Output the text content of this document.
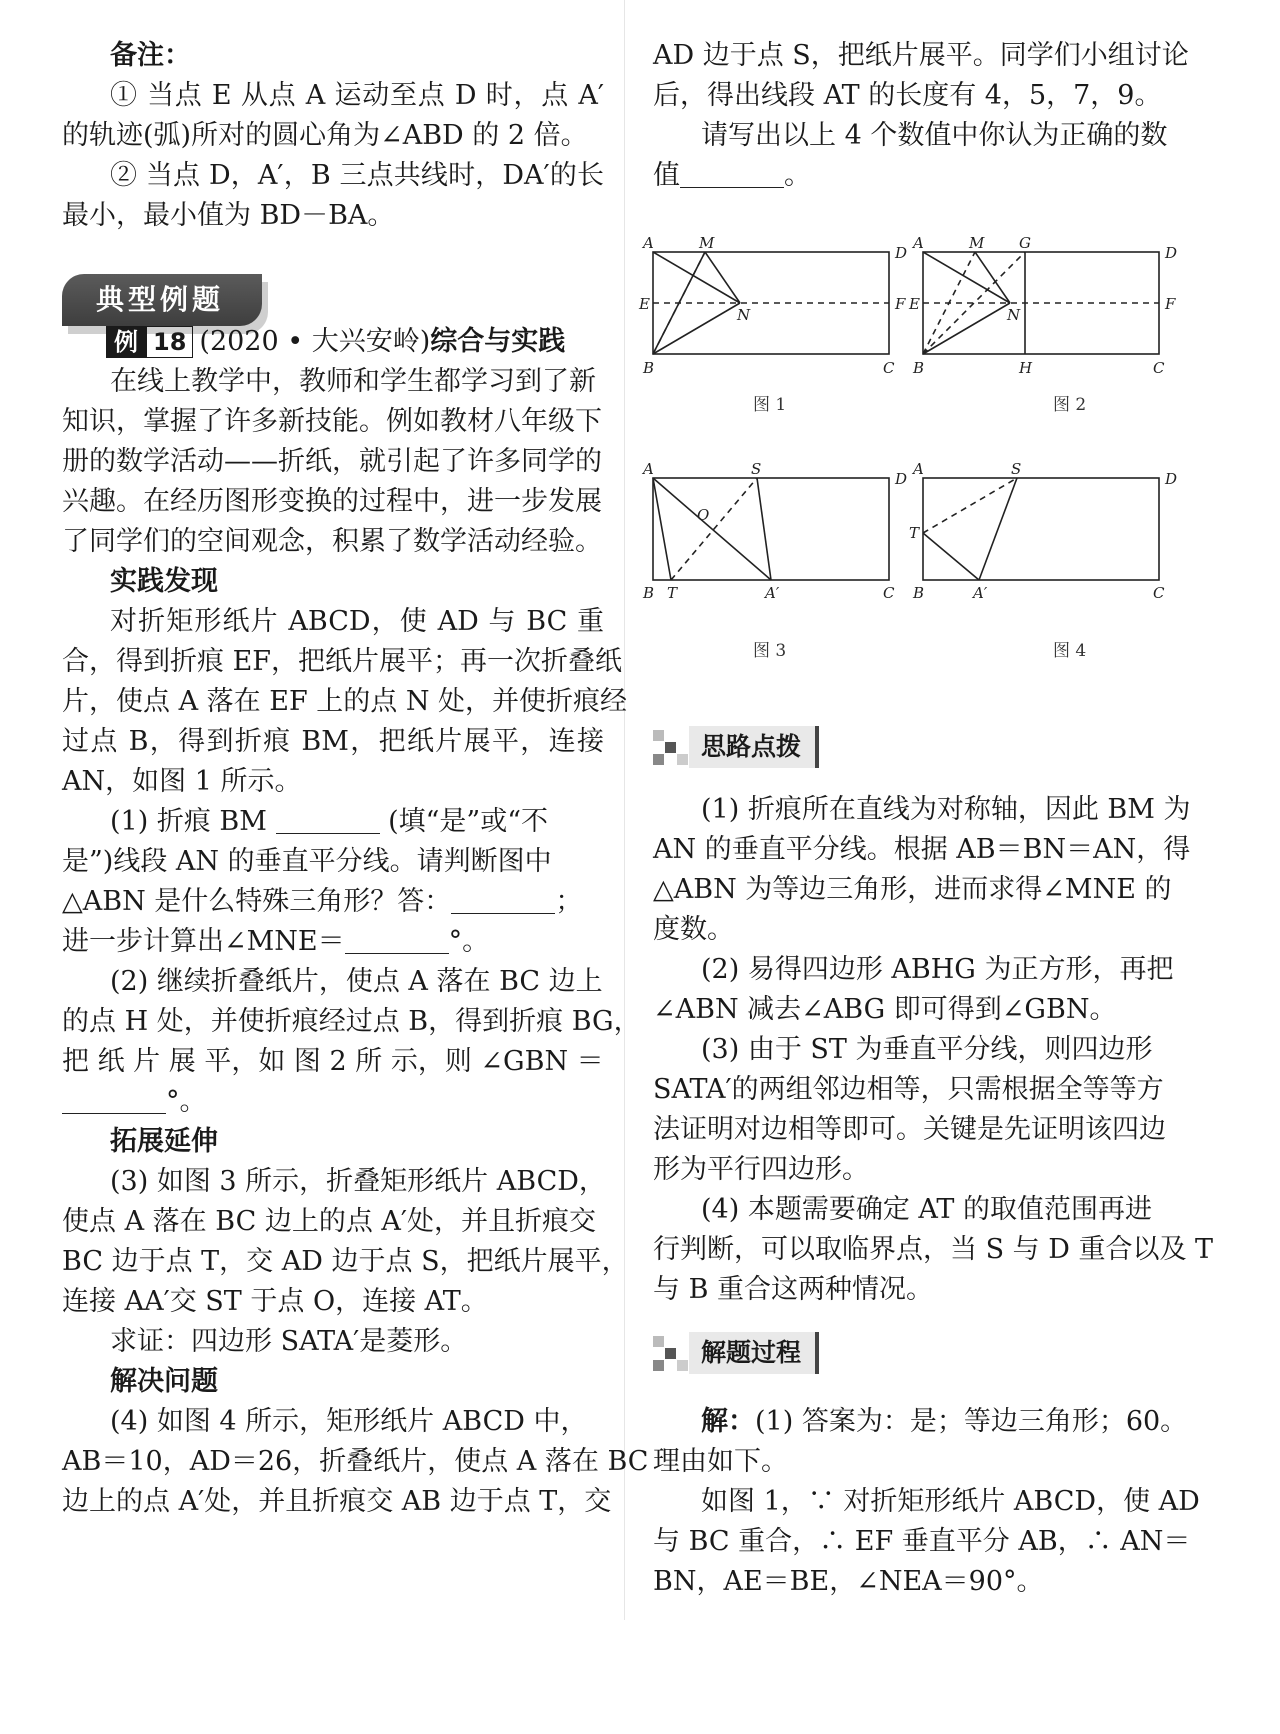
备注：
① 当点 E 从点 A 运动至点 D 时，点 A′
的轨迹(弧)所对的圆心角为∠ABD 的 2 倍。
② 当点 D，A′，B 三点共线时，DA′的长
最小，最小值为 BD－BA。
典型例题
例 18 (2020 • 大兴安岭)综合与实践
在线上教学中，教师和学生都学习到了新
知识，掌握了许多新技能。例如教材八年级下
册的数学活动——折纸，就引起了许多同学的
兴趣。在经历图形变换的过程中，进一步发展
了同学们的空间观念，积累了数学活动经验。
实践发现
对折矩形纸片 ABCD，使 AD 与 BC 重
合，得到折痕 EF，把纸片展平；再一次折叠纸
片，使点 A 落在 EF 上的点 N 处，并使折痕经
过点 B，得到折痕 BM，把纸片展平，连接
AN，如图 1 所示。
(1) 折痕 BM	(填“是”或“不
是”)线段 AN 的垂直平分线。请判断图中
△ABN 是什么特殊三角形？答：	；
进一步计算出∠MNE＝	°。
(2) 继续折叠纸片，使点 A 落在 BC 边上
的点 H 处，并使折痕经过点 B，得到折痕 BG，
把 纸 片 展 平，如 图 2 所 示，则 ∠GBN ＝
°。
拓展延伸
(3) 如图 3 所示，折叠矩形纸片 ABCD，
使点 A 落在 BC 边上的点 A′处，并且折痕交
BC 边于点 T，交 AD 边于点 S，把纸片展平，
连接 AA′交 ST 于点 O，连接 AT。
求证：四边形 SATA′是菱形。
解决问题
(4) 如图 4 所示，矩形纸片 ABCD 中，
AB＝10，AD＝26，折叠纸片，使点 A 落在 BC
边上的点 A′处，并且折痕交 AB 边于点 T，交
AD 边于点 S，把纸片展平。同学们小组讨论
后，得出线段 AT 的长度有 4，5，7，9。
请写出以上 4 个数值中你认为正确的数
值	。
A	M
D
E	F
N
B	C
A	M G
D
E	F
N
B	H	C
A	S
D
O
B T	A′	C
A	S
D
T
B	A′	C
图 1	图 2
图 3	图 4
思路点拨
(1) 折痕所在直线为对称轴，因此 BM 为
AN 的垂直平分线。根据 AB＝BN＝AN，得
△ABN 为等边三角形，进而求得∠MNE 的
度数。
(2) 易得四边形 ABHG 为正方形，再把
∠ABN 减去∠ABG 即可得到∠GBN。
(3) 由于 ST 为垂直平分线，则四边形
SATA′的两组邻边相等，只需根据全等等方
法证明对边相等即可。关键是先证明该四边
形为平行四边形。
(4) 本题需要确定 AT 的取值范围再进
行判断，可以取临界点，当 S 与 D 重合以及 T
与 B 重合这两种情况。
解题过程
解：(1) 答案为：是；等边三角形；60。
理由如下。
如图 1，∵ 对折矩形纸片 ABCD，使 AD
与 BC 重合，∴ EF 垂直平分 AB，∴ AN＝
BN，AE＝BE，∠NEA＝90°。
